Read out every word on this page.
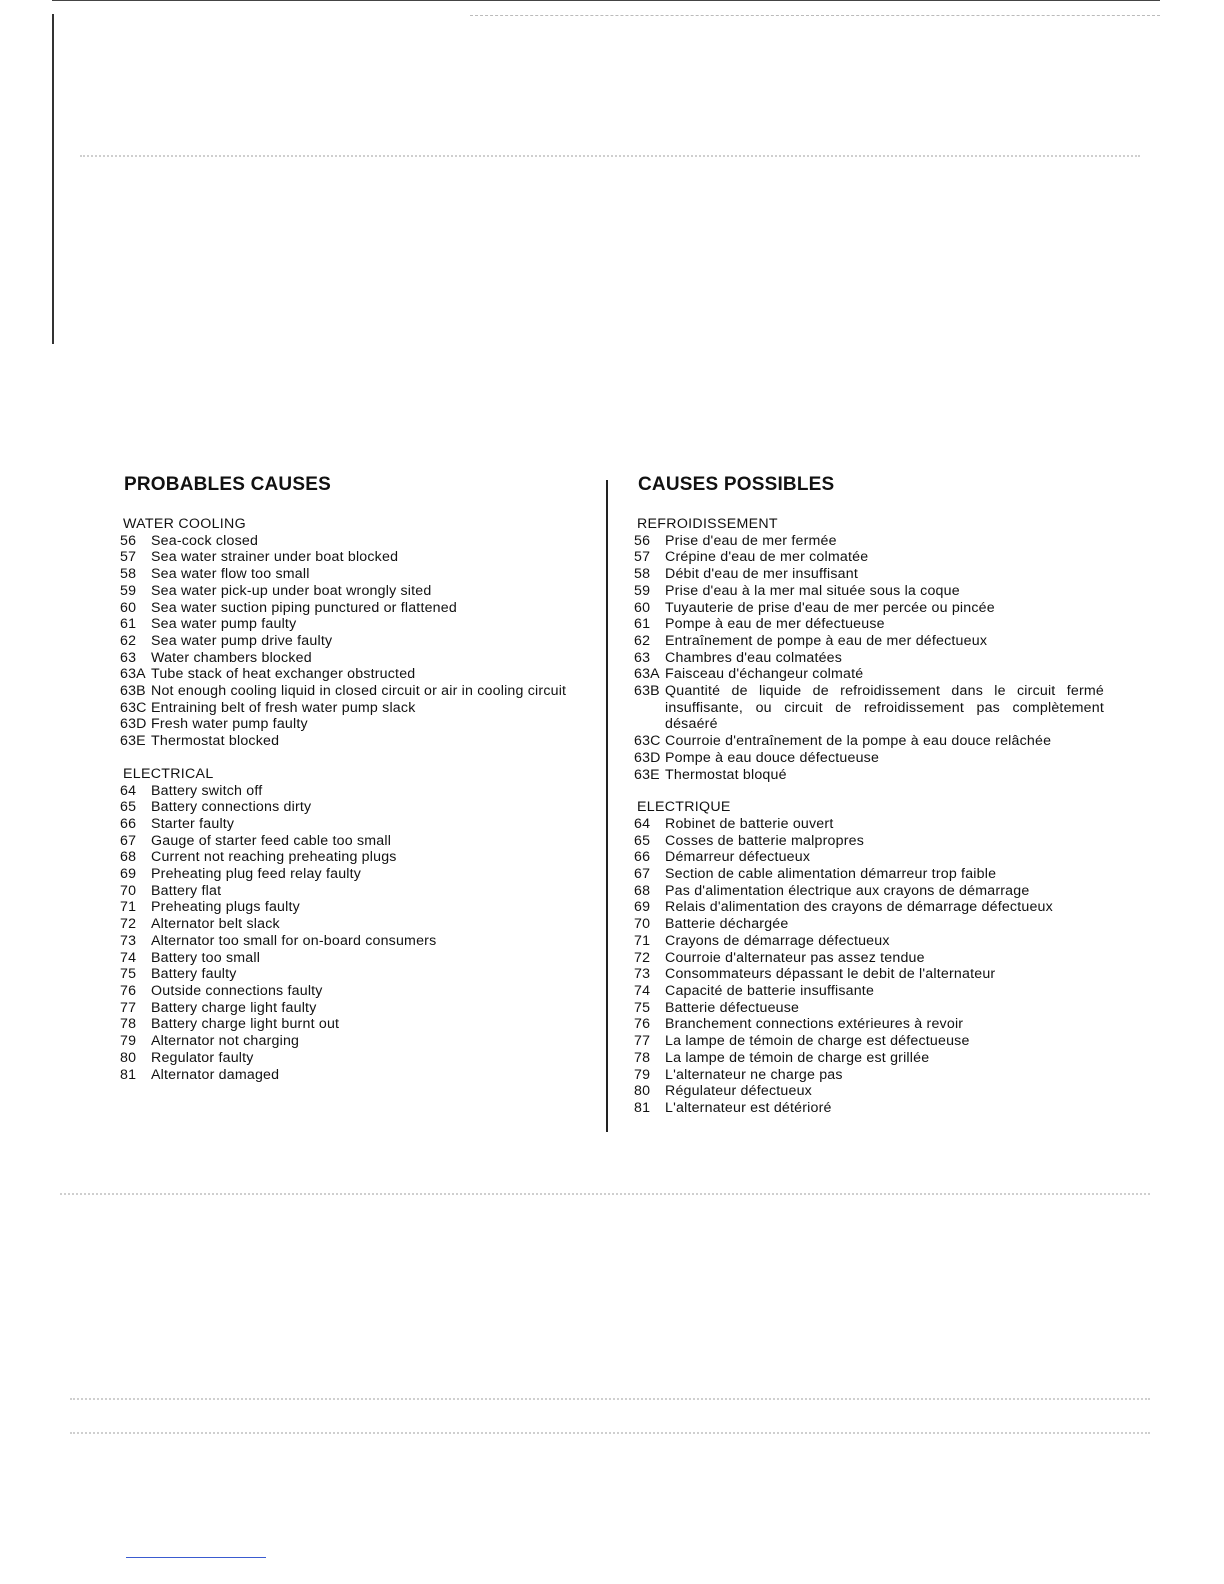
PROBABLES CAUSES
WATER COOLING
56	Sea-cock closed
57	Sea water strainer under boat blocked
58	Sea water flow too small
59	Sea water pick-up under boat wrongly sited
60	Sea water suction piping punctured or flattened
61	Sea water pump faulty
62	Sea water pump drive faulty
63	Water chambers blocked
63A Tube stack of heat exchanger obstructed
63B Not enough cooling liquid in closed circuit or air in cooling circuit
63C Entraining belt of fresh water pump slack
63D Fresh water pump faulty
63E Thermostat blocked
ELECTRICAL
64	Battery switch off
65	Battery connections dirty
66	Starter faulty
67	Gauge of starter feed cable too small
68	Current not reaching preheating plugs
69	Preheating plug feed relay faulty
70	Battery flat
71	Preheating plugs faulty
72	Alternator belt slack
73	Alternator too small for on-board consumers
74	Battery too small
75	Battery faulty
76	Outside connections faulty
77	Battery charge light faulty
78	Battery charge light burnt out
79	Alternator not charging
80	Regulator faulty
81	Alternator damaged
CAUSES POSSIBLES
REFROIDISSEMENT
56	Prise d'eau de mer fermée
57	Crépine d'eau de mer colmatée
58	Débit d'eau de mer insuffisant
59	Prise d'eau à la mer mal située sous la coque
60	Tuyauterie de prise d'eau de mer percée ou pincée
61	Pompe à eau de mer défectueuse
62	Entraînement de pompe à eau de mer défectueux
63	Chambres d'eau colmatées
63A Faisceau d'échangeur colmaté
63B Quantité de liquide de refroidissement dans le circuit fermé insuffisante, ou circuit de refroidissement pas complètement désaéré
63C Courroie d'entraînement de la pompe à eau douce relâchée
63D Pompe à eau douce défectueuse
63E Thermostat bloqué
ELECTRIQUE
64	Robinet de batterie ouvert
65	Cosses de batterie malpropres
66	Démarreur défectueux
67	Section de cable alimentation démarreur trop faible
68	Pas d'alimentation électrique aux crayons de démarrage
69	Relais d'alimentation des crayons de démarrage défectueux
70	Batterie déchargée
71	Crayons de démarrage défectueux
72	Courroie d'alternateur pas assez tendue
73	Consommateurs dépassant le debit de l'alternateur
74	Capacité de batterie insuffisante
75	Batterie défectueuse
76	Branchement connections extérieures à revoir
77	La lampe de témoin de charge est défectueuse
78	La lampe de témoin de charge est grillée
79	L'alternateur ne charge pas
80	Régulateur défectueux
81	L'alternateur est détérioré
